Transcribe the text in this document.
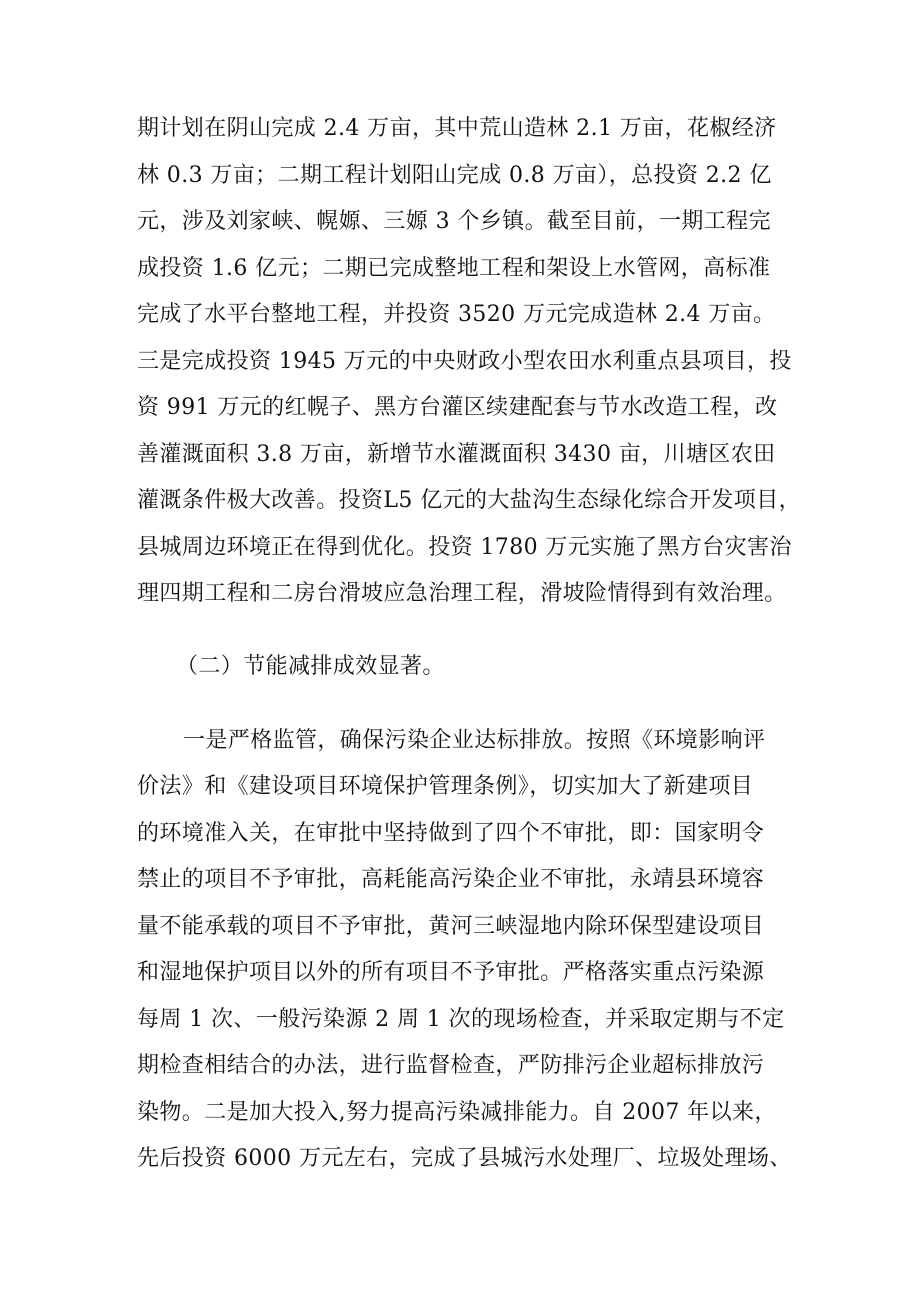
期计划在阴山完成 2.4 万亩，其中荒山造林 2.1 万亩，花椒经济
林 0.3 万亩；二期工程计划阳山完成 0.8 万亩），总投资 2.2 亿
元，涉及刘家峡、幌嫄、三嫄 3 个乡镇。截至目前，一期工程完
成投资 1.6 亿元；二期已完成整地工程和架设上水管网，高标准
完成了水平台整地工程，并投资 3520 万元完成造林 2.4 万亩。
三是完成投资 1945 万元的中央财政小型农田水利重点县项目，投
资 991 万元的红幌子、黑方台灌区续建配套与节水改造工程，改
善灌溉面积 3.8 万亩，新增节水灌溉面积 3430 亩，川塘区农田
灌溉条件极大改善。投资L5 亿元的大盐沟生态绿化综合开发项目，
县城周边环境正在得到优化。投资 1780 万元实施了黑方台灾害治
理四期工程和二房台滑坡应急治理工程，滑坡险情得到有效治理。
（二）节能减排成效显著。
一是严格监管，确保污染企业达标排放。按照《环境影响评
价法》和《建设项目环境保护管理条例》，切实加大了新建项目
的环境准入关，在审批中坚持做到了四个不审批，即：国家明令
禁止的项目不予审批，高耗能高污染企业不审批，永靖县环境容
量不能承载的项目不予审批，黄河三峡湿地内除环保型建设项目
和湿地保护项目以外的所有项目不予审批。严格落实重点污染源
每周 1 次、一般污染源 2 周 1 次的现场检查，并采取定期与不定
期检查相结合的办法，进行监督检查，严防排污企业超标排放污
染物。二是加大投入,努力提高污染减排能力。自 2007 年以来，
先后投资 6000 万元左右，完成了县城污水处理厂、垃圾处理场、
